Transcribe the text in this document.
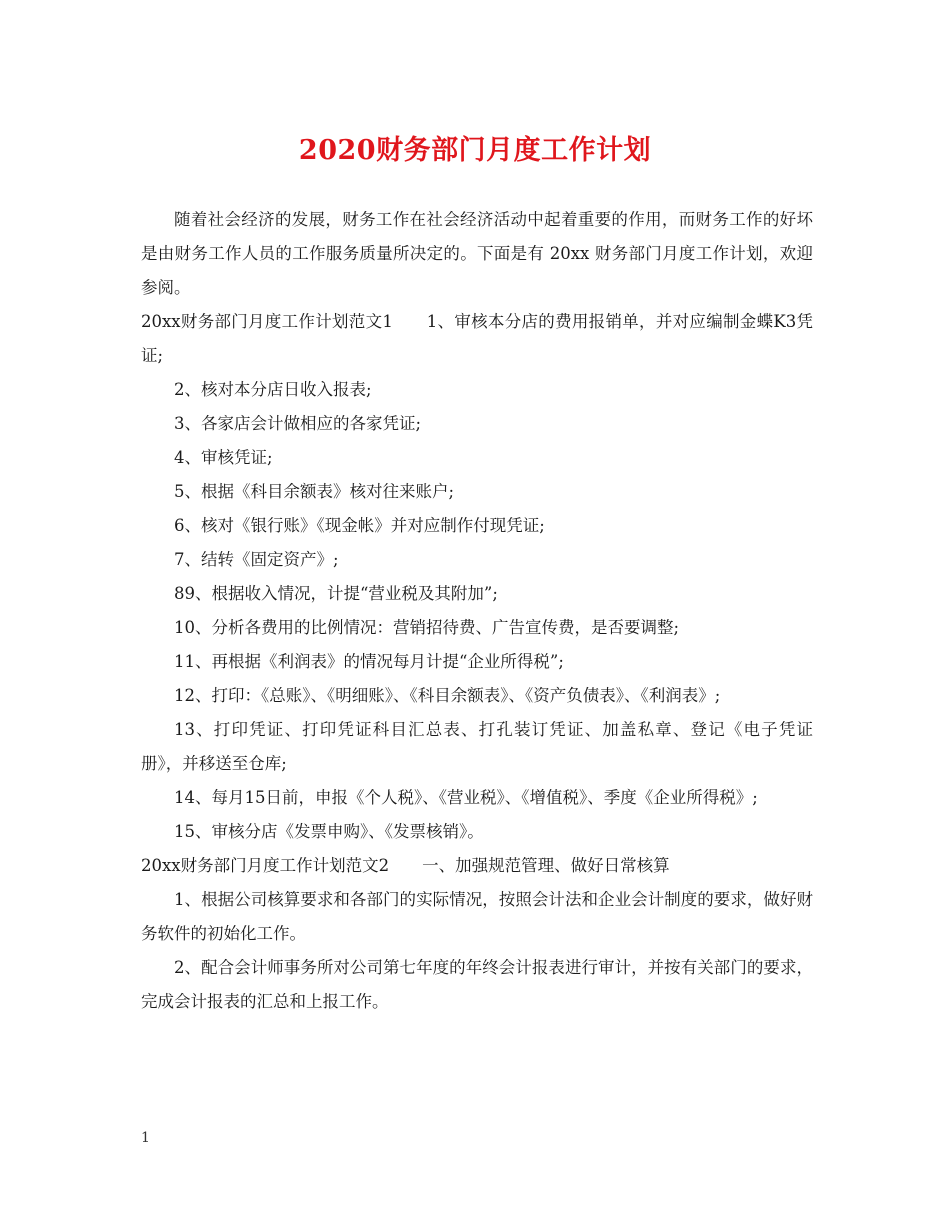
2020财务部门月度工作计划

随着社会经济的发展，财务工作在社会经济活动中起着重要的作用，而财务工作的好坏是由财务工作人员的工作服务质量所决定的。下面是有 20xx 财务部门月度工作计划，欢迎参阅。

20xx财务部门月度工作计划范文1　　1、审核本分店的费用报销单，并对应编制金蝶K3凭证;

2、核对本分店日收入报表;

3、各家店会计做相应的各家凭证;

4、审核凭证;

5、根据《科目余额表》核对往来账户;

6、核对《银行账》《现金帐》并对应制作付现凭证;

7、结转《固定资产》;

89、根据收入情况，计提“营业税及其附加”;

10、分析各费用的比例情况：营销招待费、广告宣传费，是否要调整;

11、再根据《利润表》的情况每月计提“企业所得税”;

12、打印：《总账》、《明细账》、《科目余额表》、《资产负债表》、《利润表》;

13、打印凭证、打印凭证科目汇总表、打孔装订凭证、加盖私章、登记《电子凭证册》，并移送至仓库;

14、每月15日前，申报《个人税》、《营业税》、《增值税》、季度《企业所得税》;

15、审核分店《发票申购》、《发票核销》。

20xx财务部门月度工作计划范文2　　一、加强规范管理、做好日常核算

1、根据公司核算要求和各部门的实际情况，按照会计法和企业会计制度的要求，做好财务软件的初始化工作。

2、配合会计师事务所对公司第七年度的年终会计报表进行审计，并按有关部门的要求，完成会计报表的汇总和上报工作。

1
